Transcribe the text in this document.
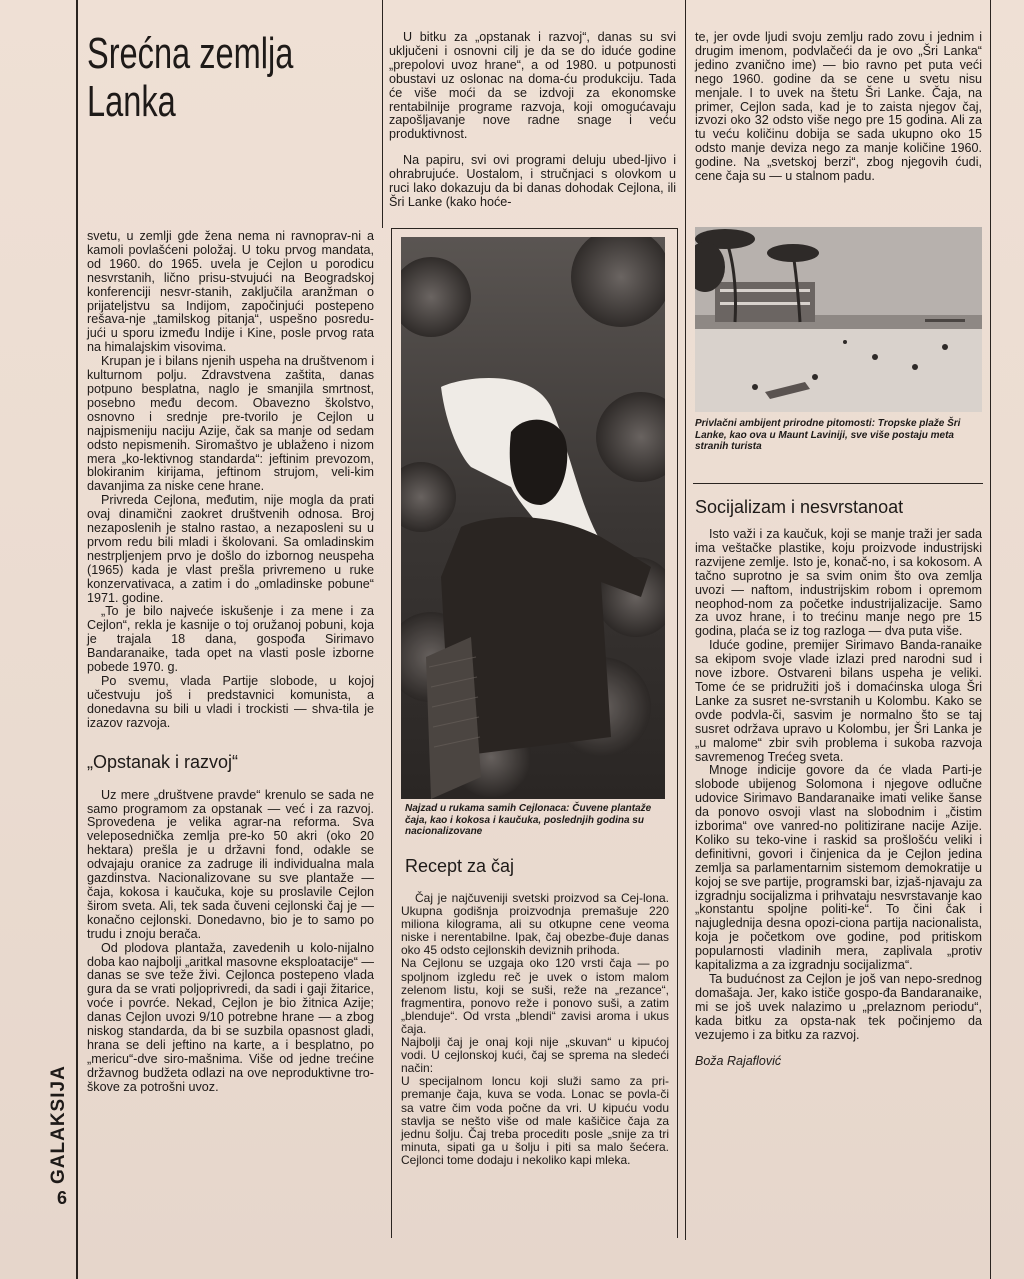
Srećna zemlja
Lanka

svetu, u zemlji gde žena nema ni ravnoprav-ni a kamoli povlašćeni položaj. U toku prvog mandata, od 1960. do 1965. uvela je Cejlon u porodicu nesvrstanih, lično prisu-stvujući na Beogradskoj konferenciji nesvr-stanih, zaključila aranžman o prijateljstvu sa Indijom, započinjući postepeno rešava-nje „tamilskog pitanja“, uspešno posredu-jući u sporu između Indije i Kine, posle prvog rata na himalajskim visovima.

Krupan je i bilans njenih uspeha na društvenom i kulturnom polju. Zdravstvena zaštita, danas potpuno besplatna, naglo je smanjila smrtnost, posebno među decom. Obavezno školstvo, osnovno i srednje pre-tvorilo je Cejlon u najpismeniju naciju Azije, čak sa manje od sedam odsto nepismenih. Siromaštvo je ublaženo i nizom mera „ko-lektivnog standarda“: jeftinim prevozom, blokiranim kirijama, jeftinom strujom, veli-kim davanjima za niske cene hrane.

Privreda Cejlona, međutim, nije mogla da prati ovaj dinamični zaokret društvenih odnosa. Broj nezaposlenih je stalno rastao, a nezaposleni su u prvom redu bili mladi i školovani. Sa omladinskim nestrpljenjem prvo je došlo do izbornog neuspeha (1965) kada je vlast prešla privremeno u ruke konzervativaca, a zatim i do „omladinske pobune“ 1971. godine.

„To je bilo najveće iskušenje i za mene i za Cejlon“, rekla je kasnije o toj oružanoj pobuni, koja je trajala 18 dana, gospođa Sirimavo Bandaranaike, tada opet na vlasti posle izborne pobede 1970. g.

Po svemu, vlada Partije slobode, u kojoj učestvuju još i predstavnici komunista, a donedavna su bili u vladi i trockisti — shva-tila je izazov razvoja.

„Opstanak i razvoj“

Uz mere „društvene pravde“ krenulo se sada ne samo programom za opstanak — već i za razvoj. Sprovedena je velika agrar-na reforma. Sva veleposednička zemlja pre-ko 50 akri (oko 20 hektara) prešla je u državni fond, odakle se odvajaju oranice za zadruge ili individualna mala gazdinstva. Nacionalizovane su sve plantaže — čaja, kokosa i kaučuka, koje su proslavile Cejlon širom sveta. Ali, tek sada čuveni cejlonski čaj je — konačno cejlonski. Donedavno, bio je to samo po trudu i znoju berača.

Od plodova plantaža, zavedenih u kolo-nijalno doba kao najbolji „aritkal masovne eksploatacije“ — danas se sve teže živi. Cejlonca postepeno vlada gura da se vrati poljoprivredi, da sadi i gaji žitarice, voće i povrće. Nekad, Cejlon je bio žitnica Azije; danas Cejlon uvozi 9/10 potrebne hrane — a zbog niskog standarda, da bi se suzbila opasnost gladi, hrana se deli jeftino na karte, a i besplatno, po „mericu“-dve siro-mašnima. Više od jedne trećine državnog budžeta odlazi na ove neproduktivne tro-škove za potrošni uvoz.

U bitku za „opstanak i razvoj“, danas su svi uključeni i osnovni cilj je da se do iduće godine „prepolovi uvoz hrane“, a od 1980. u potpunosti obustavi uz oslonac na doma-ću produkciju. Tada će više moći da se izdvoji za ekonomske rentabilnije programe razvoja, koji omogućavaju zapošljavanje nove radne snage i veću produktivnost.

Na papiru, svi ovi programi deluju ubed-ljivo i ohrabrujuće. Uostalom, i stručnjaci s olovkom u ruci lako dokazuju da bi danas dohodak Cejlona, ili Šri Lanke (kako hoće-

Najzad u rukama samih Cejlonaca: Čuvene plantaže čaja, kao i kokosa i kaučuka, poslednjih godina su nacionalizovane
Recept za čaj

Čaj je najčuveniji svetski proizvod sa Cej-lona. Ukupna godišnja proizvodnja premašuje 220 miliona kilograma, ali su otkupne cene veoma niske i nerentabilne. Ipak, čaj obezbe-đuje danas oko 45 odsto cejlonskih deviznih prihoda.

Na Cejlonu se uzgaja oko 120 vrsti čaja — po spoljnom izgledu reč je uvek o istom malom zelenom listu, koji se suši, reže na „rezance“, fragmentira, ponovo reže i ponovo suši, a zatim „blenduje“. Od vrsta „blendi“ zavisi aroma i ukus čaja.

Najbolji čaj je onaj koji nije „skuvan“ u kipućoj vodi. U cejlonskoj kući, čaj se sprema na sledeći način:

U specijalnom loncu koji služi samo za pri-premanje čaja, kuva se voda. Lonac se povla-či sa vatre čim voda počne da vri. U kipuću vodu stavlja se nešto više od male kašičice čaja za jednu šolju. Čaj treba proceditı posle „snije za tri minuta, sipati ga u šolju i piti sa malo šećera. Cejlonci tome dodaju i nekoliko kapi mleka.

te, jer ovde ljudi svoju zemlju rado zovu i jednim i drugim imenom, podvlačeći da je ovo „Šri Lanka“ jedino zvanično ime) — bio ravno pet puta veći nego 1960. godine da se cene u svetu nisu menjale. I to uvek na štetu Šri Lanke. Čaja, na primer, Cejlon sada, kad je to zaista njegov čaj, izvozi oko 32 odsto više nego pre 15 godina. Ali za tu veću količinu dobija se sada ukupno oko 15 odsto manje deviza nego za manje količine 1960. godine. Na „svetskoj berzi“, zbog njegovih ćudi, cene čaja su — u stalnom padu.

Privlačni ambijent prirodne pitomosti: Tropske plaže Šri Lanke, kao ova u Maunt Laviniji, sve više postaju meta stranih turista
Socijalizam i nesvrstanoat

Isto važi i za kaučuk, koji se manje traži jer sada ima veštačke plastike, koju proizvode industrijski razvijene zemlje. Isto je, konač-no, i sa kokosom. A tačno suprotno je sa svim onim što ova zemlja uvozi — naftom, industrijskim robom i opremom neophod-nom za početke industrijalizacije. Samo za uvoz hrane, i to trećinu manje nego pre 15 godina, plaća se iz tog razloga — dva puta više.

Iduće godine, premijer Sirimavo Banda-ranaike sa ekipom svoje vlade izlazi pred narodni sud i nove izbore. Ostvareni bilans uspeha je veliki. Tome će se pridružiti još i domaćinska uloga Šri Lanke za susret ne-svrstanih u Kolombu. Kako se ovde podvla-či, sasvim je normalno što se taj susret održava upravo u Kolombu, jer Šri Lanka je „u malome“ zbir svih problema i sukoba razvoja savremenog Trećeg sveta.

Mnoge indicije govore da će vlada Parti-je slobode ubijenog Solomona i njegove odlučne udovice Sirimavo Bandaranaike imati velike šanse da ponovo osvoji vlast na slobodnim i „čistim izborima“ ove vanred-no politizirane nacije Azije. Koliko su teko-vine i raskid sa prošlošću veliki i definitivni, govori i činjenica da je Cejlon jedina zemlja sa parlamentarnim sistemom demokratije u kojoj se sve partije, programski bar, izjaš-njavaju za izgradnju socijalizma i prihvataju nesvrstavanje kao „konstantu spoljne politi-ke“. To čini čak i najuglednija desna opozi-ciona partija nacionalista, koja je početkom ove godine, pod pritiskom popularnosti vladinih mera, zaplivala „protiv kapitalizma a za izgradnju socijalizma“.

Ta budućnost za Cejlon je još van nepo-srednog domašaja. Jer, kako ističe gospo-đa Bandaranaike, mi se još uvek nalazimo u „prelaznom periodu“, kada bitku za opsta-nak tek počinjemo da vezujemo i za bitku za razvoj.

Boža Rajaflović

GALAKSIJA
6
